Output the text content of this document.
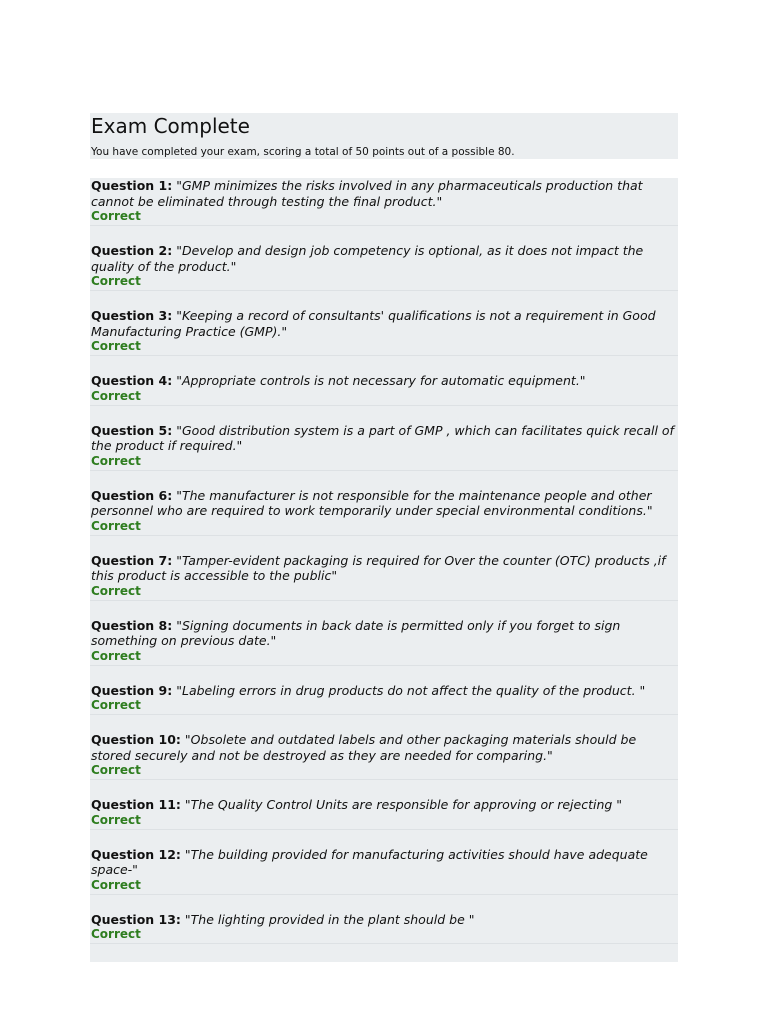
Exam Complete
You have completed your exam, scoring a total of 50 points out of a possible 80.
Question 1: "GMP minimizes the risks involved in any pharmaceuticals production that cannot be eliminated through testing the final product."
Correct
Question 2: "Develop and design job competency is optional, as it does not impact the quality of the product."
Correct
Question 3: "Keeping a record of consultants' qualifications is not a requirement in Good Manufacturing Practice (GMP)."
Correct
Question 4: "Appropriate controls is not necessary for automatic equipment."
Correct
Question 5: "Good distribution system is a part of GMP , which can facilitates quick recall of the product if required."
Correct
Question 6: "The manufacturer is not responsible for the maintenance people and other personnel who are required to work temporarily under special environmental conditions."
Correct
Question 7: "Tamper-evident packaging is required for Over the counter (OTC) products ,if this product is accessible to the public"
Correct
Question 8: "Signing documents in back date is permitted only if you forget to sign something on previous date."
Correct
Question 9: "Labeling errors in drug products do not affect the quality of the product. "
Correct
Question 10: "Obsolete and outdated labels and other packaging materials should be stored securely and not be destroyed as they are needed for comparing."
Correct
Question 11: "The Quality Control Units are responsible for approving or rejecting "
Correct
Question 12: "The building provided for manufacturing activities should have adequate space-"
Correct
Question 13: "The lighting provided in the plant should be "
Correct
